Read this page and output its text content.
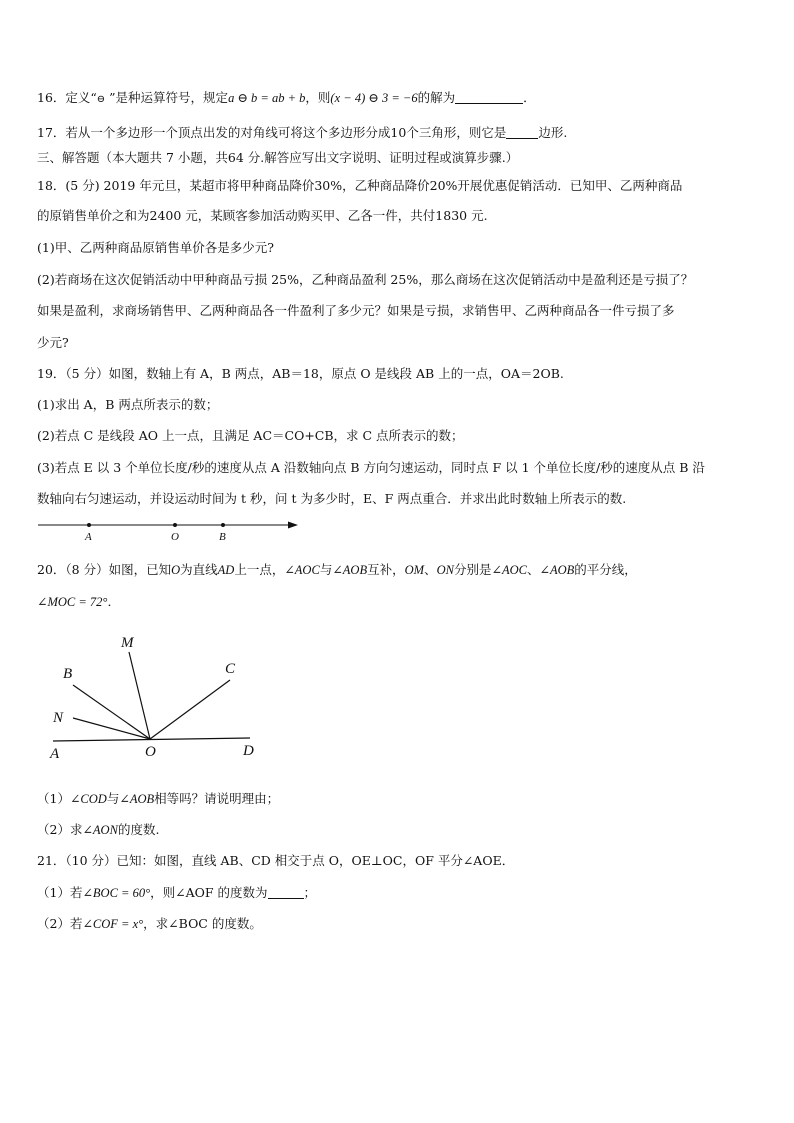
16．定义“⊖ ”是种运算符号，规定a ⊖ b = ab + b，则(x − 4) ⊖ 3 = −6的解为	．
17．若从一个多边形一个顶点出发的对角线可将这个多边形分成10个三角形，则它是	边形.
三、解答题（本大题共 7 小题，共64 分.解答应写出文字说明、证明过程或演算步骤.）
18．(5 分) 2019 年元旦，某超市将甲种商品降价30%，乙种商品降价20%开展优惠促销活动．已知甲、乙两种商品
的原销售单价之和为2400 元，某顾客参加活动购买甲、乙各一件，共付1830 元.
(1)甲、乙两种商品原销售单价各是多少元?
(2)若商场在这次促销活动中甲种商品亏损 25%，乙种商品盈利 25%，那么商场在这次促销活动中是盈利还是亏损了？
如果是盈利，求商场销售甲、乙两种商品各一件盈利了多少元？如果是亏损，求销售甲、乙两种商品各一件亏损了多
少元?
19．（5 分）如图，数轴上有 A，B 两点，AB＝18，原点 O 是线段 AB 上的一点，OA＝2OB.
(1)求出 A，B 两点所表示的数；
(2)若点 C 是线段 AO 上一点，且满足 AC＝CO+CB，求 C 点所表示的数；
(3)若点 E 以 3 个单位长度/秒的速度从点 A 沿数轴向点 B 方向匀速运动，同时点 F 以 1 个单位长度/秒的速度从点 B 沿
数轴向右匀速运动，并设运动时间为 t 秒，问 t 为多少时，E、F 两点重合．并求出此时数轴上所表示的数.
A	O	B
20．（8 分）如图，已知O为直线AD上一点，∠AOC与∠AOB互补，OM、ON分别是∠AOC、∠AOB的平分线，
∠MOC = 72°．
M
B	C
N
A	O	D
（1）∠COD与∠AOB相等吗？请说明理由；
（2）求∠AON的度数.
21．（10 分）已知：如图，直线 AB、CD 相交于点 O，OE⊥OC，OF 平分∠AOE．
（1）若∠BOC = 60°，则∠AOF 的度数为	；
（2）若∠COF = x°，求∠BOC 的度数。
